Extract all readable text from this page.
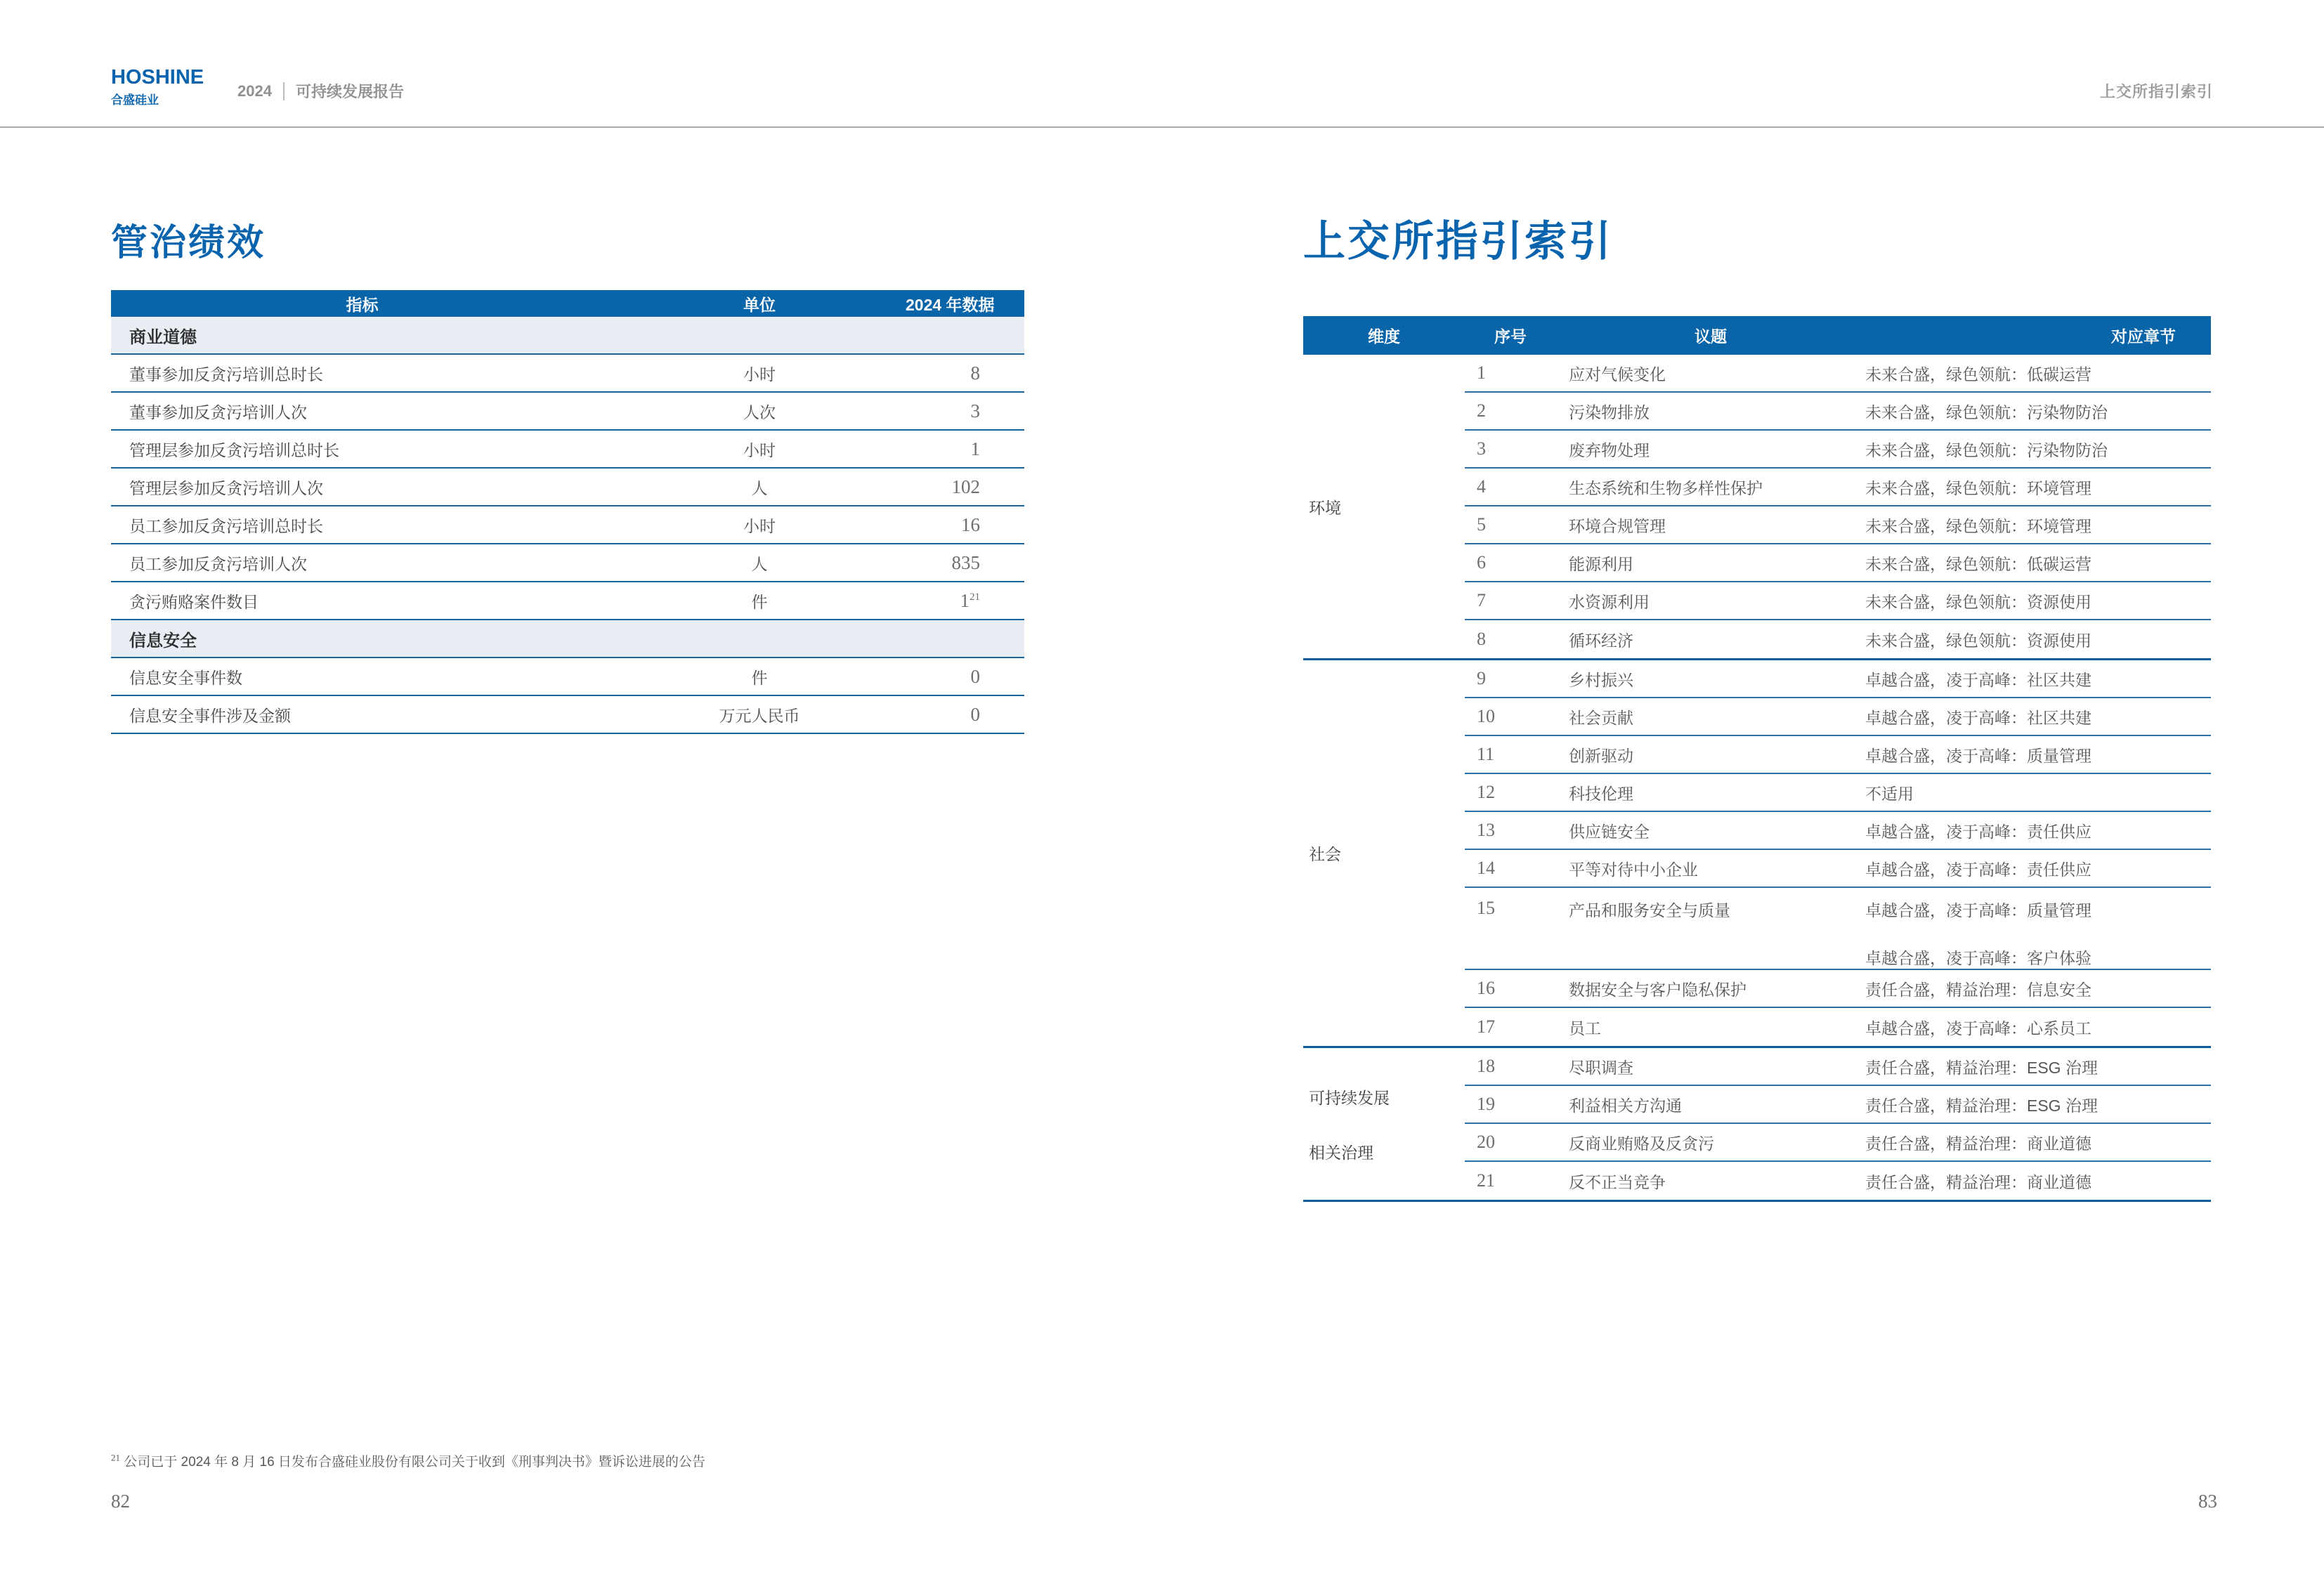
HOSHINE
合盛硅业
2024 可持续发展报告	上交所指引索引
管治绩效
指标	单位	2024 年数据
商业道德
董事参加反贪污培训总时长	小时	8
董事参加反贪污培训人次	人次	3
管理层参加反贪污培训总时长	小时	1
管理层参加反贪污培训人次	人	102
员工参加反贪污培训总时长	小时	16
员工参加反贪污培训人次	人	835
贪污贿赂案件数目	件	$1^{21}$
信息安全
信息安全事件数	件	0
信息安全事件涉及金额	万元人民币	0
$^{21}$ 公司已于 2024 年 8 月 16 日发布合盛硅业股份有限公司关于收到《刑事判决书》暨诉讼进展的公告
82	83
上交所指引索引
维度	序号	议题	对应章节
环境
1	应对气候变化	未来合盛，绿色领航：低碳运营
2	污染物排放	未来合盛，绿色领航：污染物防治
3	废弃物处理	未来合盛，绿色领航：污染物防治
4	生态系统和生物多样性保护	未来合盛，绿色领航：环境管理
5	环境合规管理	未来合盛，绿色领航：环境管理
6	能源利用	未来合盛，绿色领航：低碳运营
7	水资源利用	未来合盛，绿色领航：资源使用
8	循环经济	未来合盛，绿色领航：资源使用
社会
9	乡村振兴	卓越合盛，凌于高峰：社区共建
10	社会贡献	卓越合盛，凌于高峰：社区共建
11	创新驱动	卓越合盛，凌于高峰：质量管理
12	科技伦理	不适用
13	供应链安全	卓越合盛，凌于高峰：责任供应
14	平等对待中小企业	卓越合盛，凌于高峰：责任供应
15	产品和服务安全与质量	卓越合盛，凌于高峰：质量管理
卓越合盛，凌于高峰：客户体验
16	数据安全与客户隐私保护	责任合盛，精益治理：信息安全
17	员工	卓越合盛，凌于高峰：心系员工
可持续发展
相关治理
18	尽职调查	责任合盛，精益治理：ESG 治理
19	利益相关方沟通	责任合盛，精益治理：ESG 治理
20	反商业贿赂及反贪污	责任合盛，精益治理：商业道德
21	反不正当竞争	责任合盛，精益治理：商业道德
